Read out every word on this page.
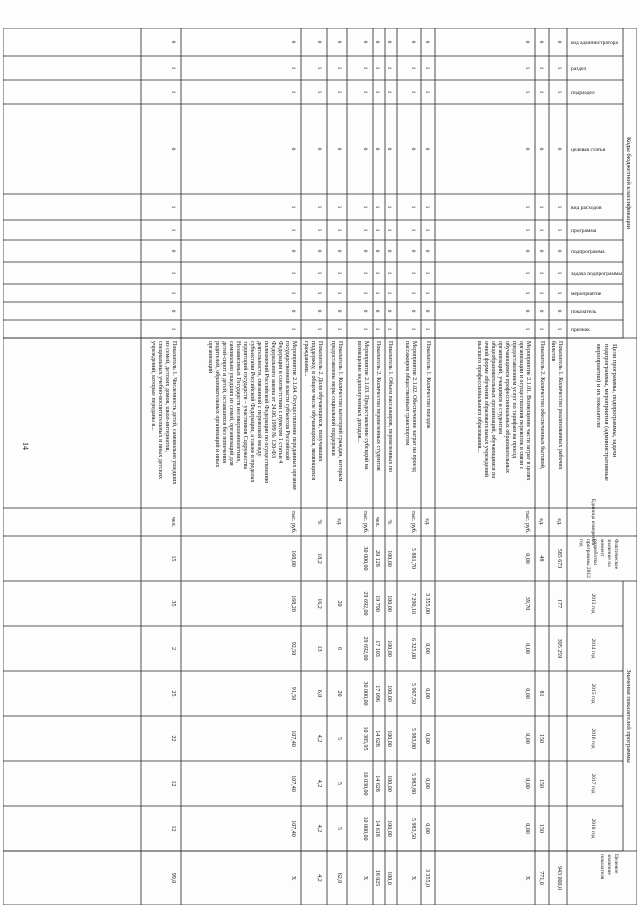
14
Коды бюджетной классификации
Цели программы, подпрограммы, задачиподпрограммы, мероприятия (административныемероприятия) и их показатели
Единица измерения
Фактическоезначение намоментразработкипрограммы 2012год
Значения показателей программы
2013 год
2014 год
2015 год
2016 год
2017 год
2018 год
Целевоезначениепоказателя
код администратора
раздел
подраздел
целевая статья
вид расходов
программа
подпрограмма
задача подпрограммы
мероприятие
показатель
признак
0
1
1
0
1
1
0
1
1
0
1
Показатель 1. Количество реализованных рабочихбилетов
ед.
585 673
177
395 259
943 000,0
0
1
1
0
1
1
0
1
1
0
1
Показатель 2. Количество обеспеченных бытовой,
ед.
48
81
150
150
150
771,0
0
1
1
0
1
1
0
1
1
0
1
Мероприятие 2.1.01. Возмещение части затрат в целяхорганизации и осуществления перевозок в связи спредоставлением услуг по тарифам на проездобучающимся профессиональных образовательныхорганизаций, учащимся и студентамобщеобразовательных организаций, обучающимся поочной форме обучения образовательных учрежденийвысшего профессионального образования...
тыс. руб.
0,00
39,70
0,00
0,00
0,00
0,00
0,00
Х
0
1
1
0
1
1
0
1
1
0
1
Показатель 1. Количество поездок
ед.
3 355,00
0,00
0,00
0,00
0,00
0,00
3 355,0
0
1
1
0
1
1
0
1
1
0
1
Мероприятие 2.1.02. Обеспечение затрат на проездпассажиров общественным транспортом
тыс. руб.
5 881,70
7 290,10
6 325,00
5 967,50
5 983,80
5 983,80
5 983,50
Х
0
1
1
0
1
1
0
1
1
0
1
Показатель 1. Объем пассажиров, перевезенных по
%
100,00
100,00
100,00
100,00
100,00
100,00
100,00
100,0
0
1
1
0
1
1
0
1
1
0
1
Показатель 2. Количество перевезенных студентов
чел.
20 128
19 790
17 103
17 096
14 628
14 628
14 618
18 025
0
1
1
0
1
1
0
1
1
0
1
Мероприятие 2.1.03. Предоставление субсидий навозмещение недополученных доходов...
тыс. руб.
30 000,00
29 692,00
29 692,00
30 000,00
10 385,95
10 030,00
10 000,00
Х
0
1
1
0
1
1
0
1
1
0
1
Показатель 1. Количество категорий граждан, которымпредоставлены меры социальной поддержки
ед.
20
6
20
5
5
5
62,0
0
1
1
0
1
1
0
1
1
0
1
Показатель 2. Доля обучающихся, получившихподдержку, в общем числе обучающихся, являющихсягражданами...
%
18,2
16,2
13
6,0
4,2
4,2
4,2
4,2
0
1
1
0
1
1
0
1
1
0
1
Мероприятие 2.1.04. Осуществление переданных органамгосударственной власти субъектов РоссийскойФедерации в соответствии с пунктом 1 статьи 4Федерального закона от 24.06.1999 № 120-ФЗполномочий Российской Федерации по осуществлениюдеятельности, связанной с перевозкой междусубъектами Российской Федерации, а также в пределахтерриторий государств – участников СодружестваНезависимых Государств несовершеннолетних,самовольно ушедших из семей, организаций длядетей-сирот и детей, оставшихся без попеченияродителей, образовательных организаций и иныхорганизаций
тыс. руб.
168,00
168,20
92,50
91,50
107,40
107,40
107,40
Х
0
1
1
0
1
1
0
1
1
0
1
Показатель 1. Численность детей, самовольно ушедшихиз семей, детских домов, школ-интернатов,специальных учебно-воспитательных и иных детскихучреждений, которые переданы в...
чел.
15
35
2
25
22
12
12
99,0
